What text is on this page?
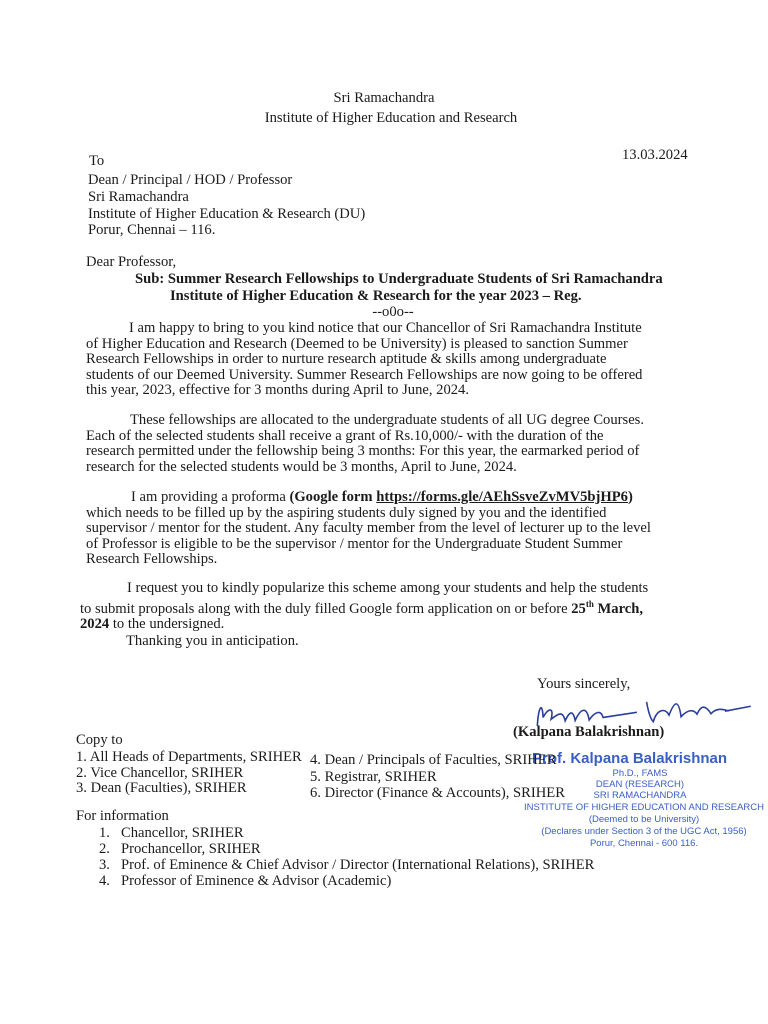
Sri Ramachandra
Institute of Higher Education and Research
13.03.2024
To
Dean / Principal / HOD / Professor
Sri Ramachandra
Institute of Higher Education & Research (DU)
Porur, Chennai – 116.
Dear Professor,
Sub: Summer Research Fellowships to Undergraduate Students of Sri Ramachandra
Institute of Higher Education & Research for the year 2023 – Reg.
--o0o--
I am happy to bring to you kind notice that our Chancellor of Sri Ramachandra Institute
of Higher Education and Research (Deemed to be University) is pleased to sanction Summer
Research Fellowships in order to nurture research aptitude & skills among undergraduate
students of our Deemed University. Summer Research Fellowships are now going to be offered
this year, 2023, effective for 3 months during April to June, 2024.
These fellowships are allocated to the undergraduate students of all UG degree Courses.
Each of the selected students shall receive a grant of Rs.10,000/- with the duration of the
research permitted under the fellowship being 3 months: For this year, the earmarked period of
research for the selected students would be 3 months, April to June, 2024.
I am providing a proforma (Google form https://forms.gle/AEhSsveZvMV5bjHP6)
which needs to be filled up by the aspiring students duly signed by you and the identified
supervisor / mentor for the student. Any faculty member from the level of lecturer up to the level
of Professor is eligible to be the supervisor / mentor for the Undergraduate Student Summer
Research Fellowships.
I request you to kindly popularize this scheme among your students and help the students
to submit proposals along with the duly filled Google form application on or before 25th March,
2024 to the undersigned.
Thanking you in anticipation.
Yours sincerely,
(Kalpana Balakrishnan)
Prof. Kalpana Balakrishnan
Ph.D., FAMS
DEAN (RESEARCH)
SRI RAMACHANDRA
INSTITUTE OF HIGHER EDUCATION AND RESEARCH
(Deemed to be University)
(Declares under Section 3 of the UGC Act, 1956)
Porur, Chennai - 600 116.
Copy to
1. All Heads of Departments, SRIHER
2. Vice Chancellor, SRIHER
3. Dean (Faculties), SRIHER
4. Dean / Principals of Faculties, SRIHER
5. Registrar, SRIHER
6. Director (Finance & Accounts), SRIHER
For information
1. Chancellor, SRIHER
2. Prochancellor, SRIHER
3. Prof. of Eminence & Chief Advisor / Director (International Relations), SRIHER
4. Professor of Eminence & Advisor (Academic)
